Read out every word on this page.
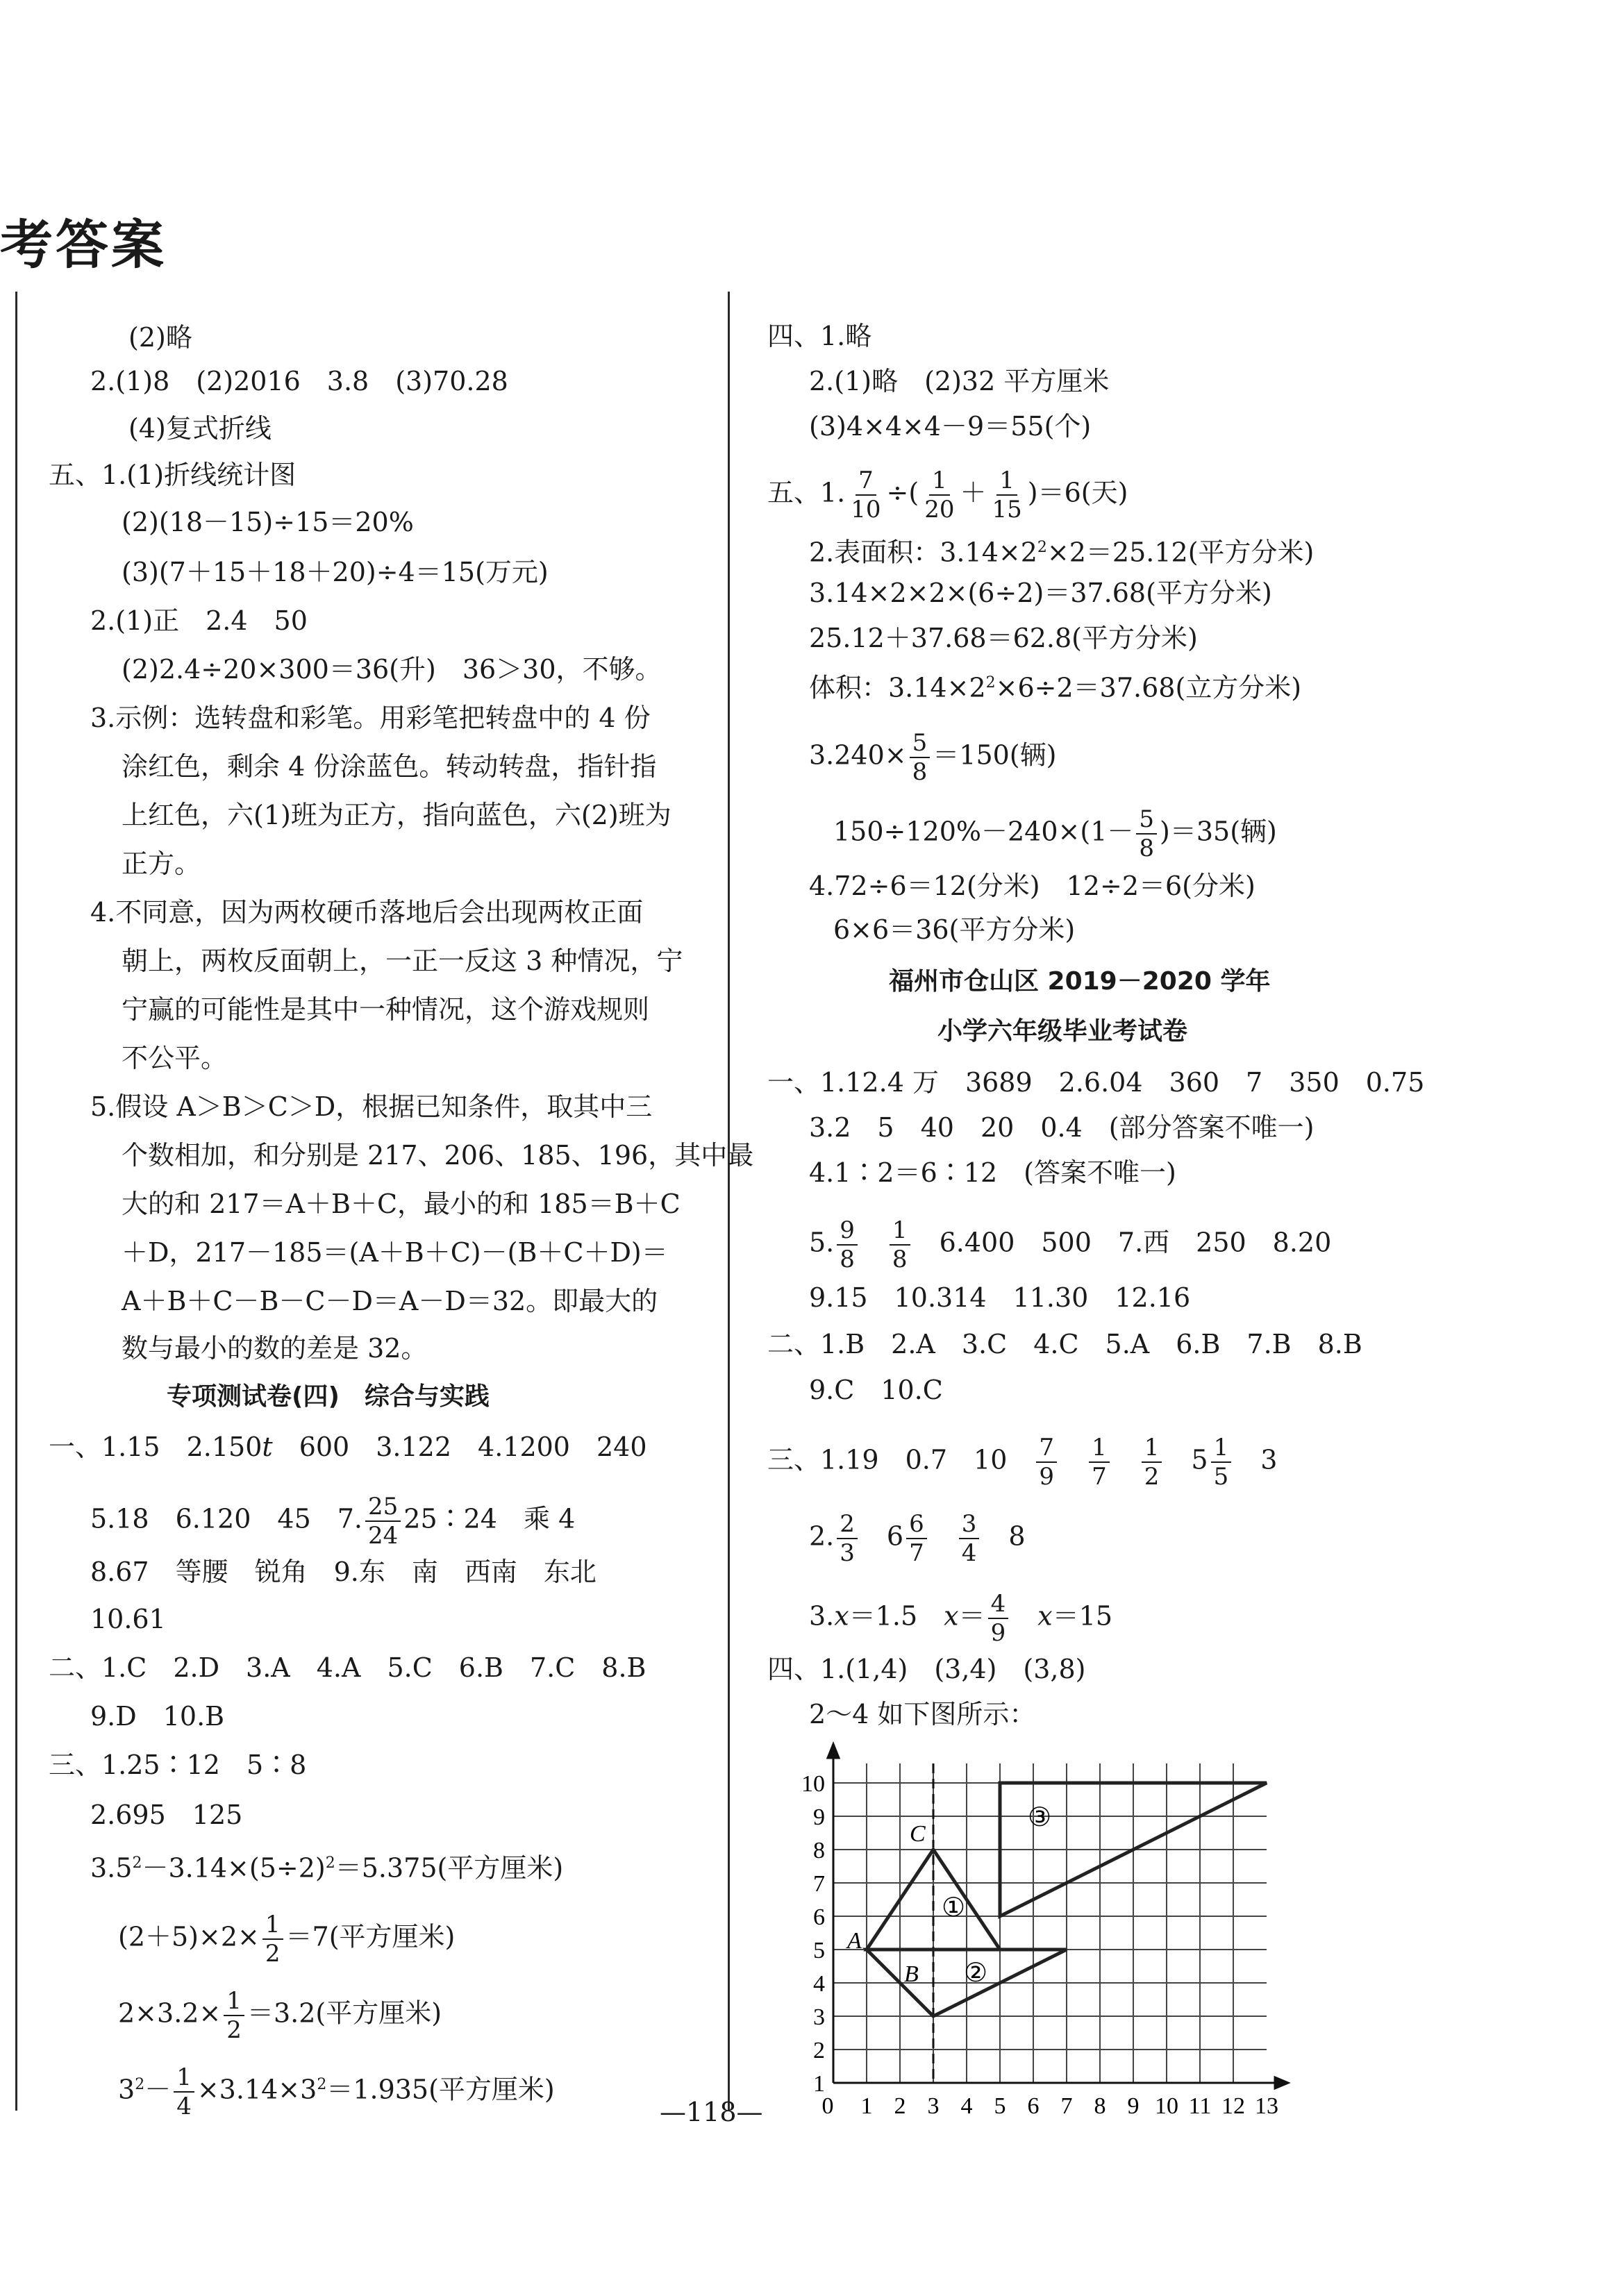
考答案
(2)略
2.(1)8　(2)2016　3.8　(3)70.28
(4)复式折线
五、1.(1)折线统计图
(2)(18－15)÷15＝20%
(3)(7＋15＋18＋20)÷4＝15(万元)
2.(1)正　2.4　50
(2)2.4÷20×300＝36(升)　36＞30，不够。
3.示例：选转盘和彩笔。用彩笔把转盘中的 4 份
涂红色，剩余 4 份涂蓝色。转动转盘，指针指
上红色，六(1)班为正方，指向蓝色，六(2)班为
正方。
4.不同意，因为两枚硬币落地后会出现两枚正面
朝上，两枚反面朝上，一正一反这 3 种情况，宁
宁赢的可能性是其中一种情况，这个游戏规则
不公平。
5.假设 A＞B＞C＞D，根据已知条件，取其中三
个数相加，和分别是 217、206、185、196，其中最
大的和 217＝A＋B＋C，最小的和 185＝B＋C
＋D，217－185＝(A＋B＋C)－(B＋C＋D)＝
A＋B＋C－B－C－D＝A－D＝32。即最大的
数与最小的数的差是 32。
专项测试卷(四)　综合与实践
一、1.15　2.150t　 600　3.122　4.1200　240
5.18　6.120　45　7. $\frac{25}{24}$ 25∶24　乘 4
8.67　等腰　锐角　9.东　南　西南　东北
10.61
二、1.C　2.D　3.A　4.A　5.C　6.B　7.C　8.B
9.D　10.B
三、1.25∶12　5∶8
2.695　125
$3.5^2-3.14\times(5\div 2)^2=5.375$(平方厘米)
$(2+5)\times 2\times \frac{1}{2} =7$(平方厘米)
$2\times 3.2\times \frac{1}{2} =3.2$(平方厘米)
$3^2- \frac{1}{4} \times 3.14\times 3^2=1.935$(平方厘米)
四、1.略
2.(1)略　(2)32 平方厘米
(3)4×4×4－9＝55(个)
五、1. $\frac{7}{10}$ ÷( $\frac{1}{20} + \frac{1}{15} )=6$(天)
2.表面积：$3.14\times 2^2\times 2=25.12$(平方分米)
3.14×2×2×(6÷2)＝37.68(平方分米)
25.12＋37.68＝62.8(平方分米)
体积：$3.14\times 2^2\times 6\div 2=37.68$(立方分米)
$3.240\times \frac{5}{8} =150$(辆)
$150\div 120\%-240\times(1- \frac{5}{8} )=35$(辆)
4.72÷6＝12(分米)　12÷2＝6(分米)
6×6＝36(平方分米)
福州市仓山区 2019－2020 学年
小学六年级毕业考试卷
一、1.12.4 万　3689　2.6.04　360　7　350　0.75
3.2　5　40　20　0.4　(部分答案不唯一)
4.1∶2＝6∶12　(答案不唯一)
5. $\frac{9}{8}$
　 $\frac{1}{8}$
　 6.400　500　7.西　250　8.20
9.15　10.314　11.30　12.16
二、1.B　2.A　3.C　4.C　5.A　6.B　7.B　8.B
9.C　10.C
三、1.19　0.7　10　 $\frac{7}{9}$
　 $\frac{1}{7}$
　 $\frac{1}{2}$
　 $5 \frac{1}{5}$
　 3
2. $\frac{2}{3}$
　 $6 \frac{6}{7}$
　 $\frac{3}{4}$
　 8
3.x＝1.5　 $x= \frac{4}{9}$
　 x＝15
四、1.(1,4)　(3,4)　(3,8)
2～4 如下图所示：
1
2
3
4
5
6
7
8
9
10
0 1 2 3 4 5 6 7 8 9 10 11 12 13
A
B
C
①
②
③
—118—
